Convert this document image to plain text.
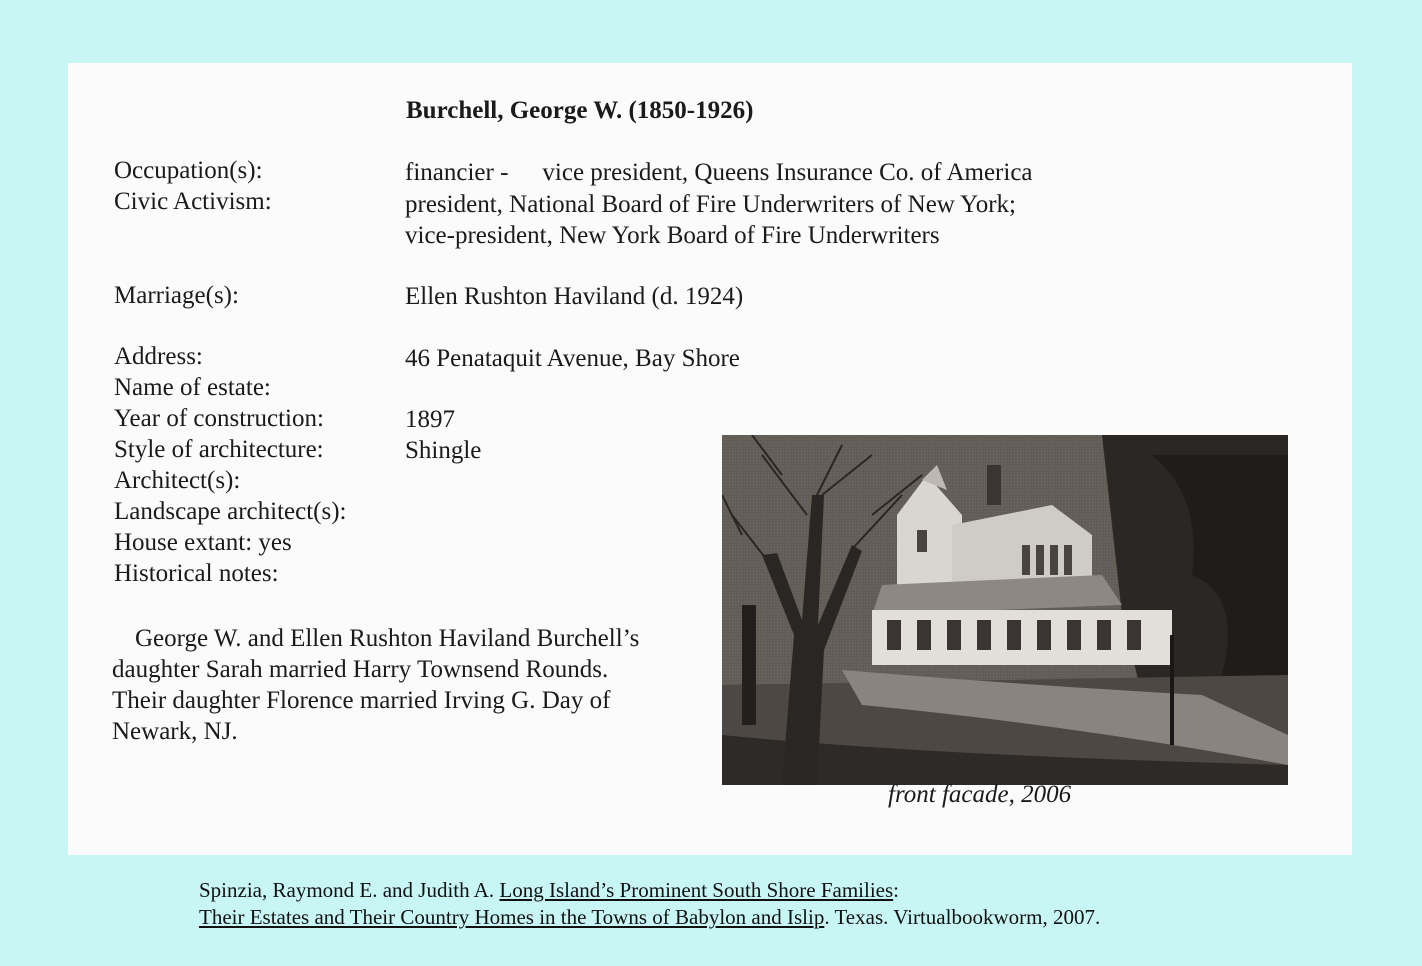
Burchell, George W. (1850-1926)
Occupation(s):	financier - vice president, Queens Insurance Co. of America
Civic Activism:	president, National Board of Fire Underwriters of New York;
vice-president, New York Board of Fire Underwriters
Marriage(s):	Ellen Rushton Haviland (d. 1924)
Address:	46 Penataquit Avenue, Bay Shore
Name of estate:
Year of construction:	1897
Style of architecture:	Shingle
Architect(s):
Landscape architect(s):
House extant: yes
Historical notes:
George W. and Ellen Rushton Haviland Burchell’s
daughter Sarah married Harry Townsend Rounds.
Their daughter Florence married Irving G. Day of
Newark, NJ.
front facade, 2006
Spinzia, Raymond E. and Judith A. Long Island’s Prominent South Shore Families:
Their Estates and Their Country Homes in the Towns of Babylon and Islip. Texas. Virtualbookworm, 2007.
